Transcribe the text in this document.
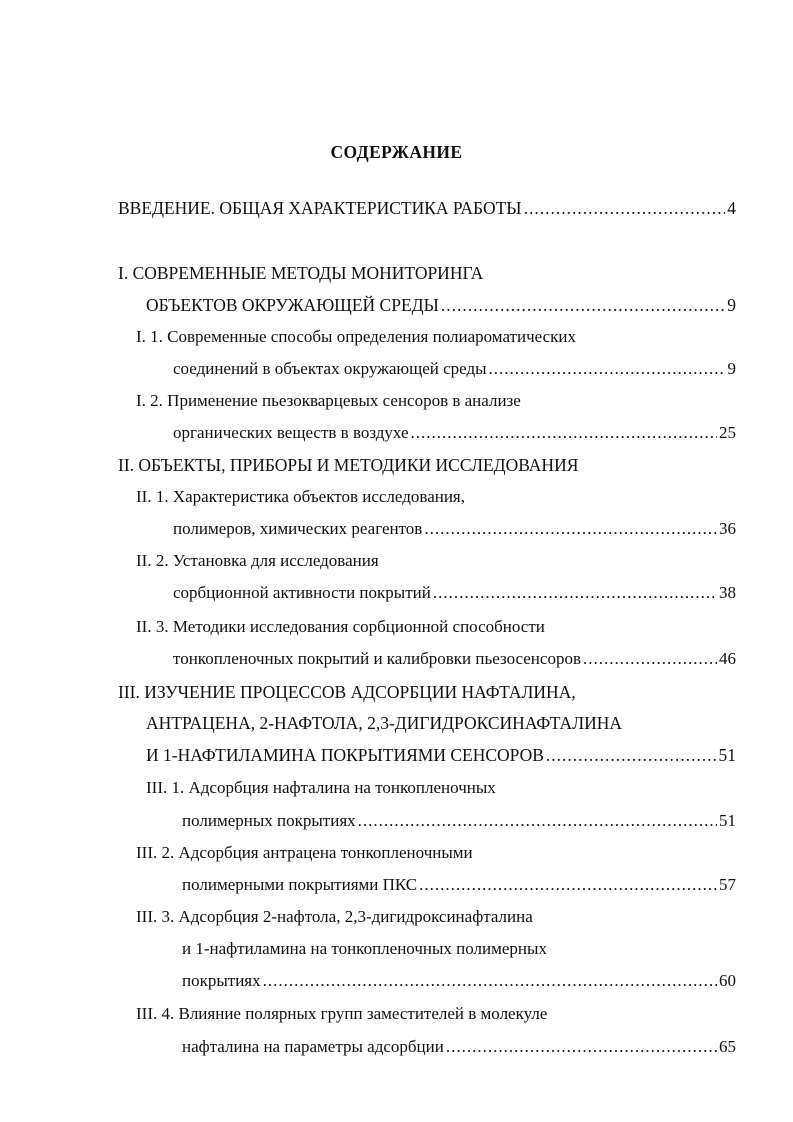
СОДЕРЖАНИЕ
ВВЕДЕНИЕ. ОБЩАЯ ХАРАКТЕРИСТИКА РАБОТЫ .....	4
I. СОВРЕМЕННЫЕ МЕТОДЫ МОНИТОРИНГА
ОБЪЕКТОВ ОКРУЖАЮЩЕЙ СРЕДЫ .....	9
I. 1. Современные способы определения полиароматических
соединений в объектах окружающей среды .....	9
I. 2. Применение пьезокварцевых сенсоров в анализе
органических веществ в воздухе .....	25
II. ОБЪЕКТЫ, ПРИБОРЫ И МЕТОДИКИ ИССЛЕДОВАНИЯ
II. 1. Характеристика объектов исследования,
полимеров, химических реагентов .....	36
II. 2. Установка для исследования
сорбционной активности покрытий .....	38
II. 3. Методики исследования сорбционной способности
тонкопленочных покрытий и калибровки пьезосенсоров .....	46
III. ИЗУЧЕНИЕ ПРОЦЕССОВ АДСОРБЦИИ НАФТАЛИНА,
АНТРАЦЕНА, 2-НАФТОЛА, 2,3-ДИГИДРОКСИНАФТАЛИНА
И 1-НАФТИЛАМИНА ПОКРЫТИЯМИ СЕНСОРОВ .....	51
III. 1. Адсорбция нафталина на тонкопленочных
полимерных покрытиях .....	51
III. 2. Адсорбция антрацена тонкопленочными
полимерными покрытиями ПКС .....	57
III. 3. Адсорбция 2-нафтола, 2,3-дигидроксинафталина
и 1-нафтиламина на тонкопленочных полимерных
покрытиях .....	60
III. 4. Влияние полярных групп заместителей в молекуле
нафталина на параметры адсорбции .....	65
